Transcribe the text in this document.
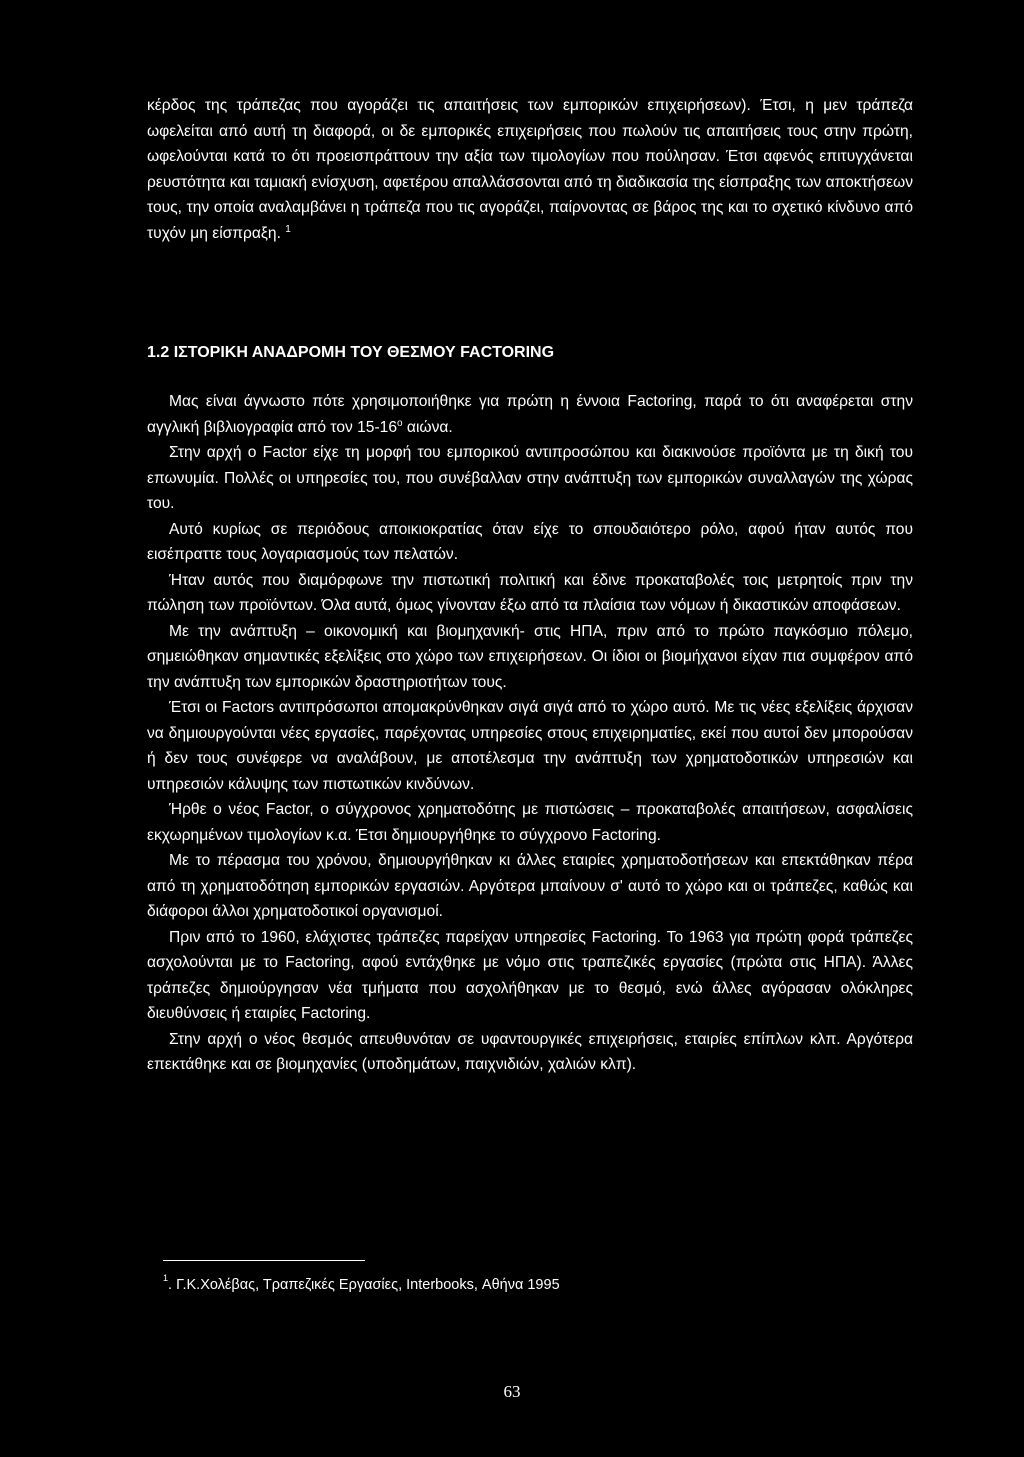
κέρδος της τράπεζας που αγοράζει τις απαιτήσεις των εμπορικών επιχειρήσεων). Έτσι, η μεν τράπεζα ωφελείται από αυτή τη διαφορά, οι δε εμπορικές επιχειρήσεις που πωλούν τις απαιτήσεις τους στην πρώτη, ωφελούνται κατά το ότι προεισπράττουν την αξία των τιμολογίων που πούλησαν. Έτσι αφενός επιτυγχάνεται ρευστότητα και ταμιακή ενίσχυση, αφετέρου απαλλάσσονται από τη διαδικασία της είσπραξης των αποκτήσεων τους, την οποία αναλαμβάνει η τράπεζα που τις αγοράζει, παίρνοντας σε βάρος της και το σχετικό κίνδυνο από τυχόν μη είσπραξη. $^1$

1.2 ΙΣΤΟΡΙΚΗ ΑΝΑΔΡΟΜΗ ΤΟΥ ΘΕΣΜΟΥ FACTORING

Μας είναι άγνωστο πότε χρησιμοποιήθηκε για πρώτη η έννοια Factoring, παρά το ότι αναφέρεται στην αγγλική βιβλιογραφία από τον $15-16^o$ αιώνα.

Στην αρχή ο Factor είχε τη μορφή του εμπορικού αντιπροσώπου και διακινούσε προϊόντα με τη δική του επωνυμία. Πολλές οι υπηρεσίες του, που συνέβαλλαν στην ανάπτυξη των εμπορικών συναλλαγών της χώρας του.

Αυτό κυρίως σε περιόδους αποικιοκρατίας όταν είχε το σπουδαιότερο ρόλο, αφού ήταν αυτός που εισέπραττε τους λογαριασμούς των πελατών.

Ήταν αυτός που διαμόρφωνε την πιστωτική πολιτική και έδινε προκαταβολές τοις μετρητοίς πριν την πώληση των προϊόντων. Όλα αυτά, όμως γίνονταν έξω από τα πλαίσια των νόμων ή δικαστικών αποφάσεων.

Με την ανάπτυξη – οικονομική και βιομηχανική- στις ΗΠΑ, πριν από το πρώτο παγκόσμιο πόλεμο, σημειώθηκαν σημαντικές εξελίξεις στο χώρο των επιχειρήσεων. Οι ίδιοι οι βιομήχανοι είχαν πια συμφέρον από την ανάπτυξη των εμπορικών δραστηριοτήτων τους.

Έτσι οι Factors αντιπρόσωποι απομακρύνθηκαν σιγά σιγά από το χώρο αυτό. Με τις νέες εξελίξεις άρχισαν να δημιουργούνται νέες εργασίες, παρέχοντας υπηρεσίες στους επιχειρηματίες, εκεί που αυτοί δεν μπορούσαν ή δεν τους συνέφερε να αναλάβουν, με αποτέλεσμα την ανάπτυξη των χρηματοδοτικών υπηρεσιών και υπηρεσιών κάλυψης των πιστωτικών κινδύνων.

Ήρθε ο νέος Factor, ο σύγχρονος χρηματοδότης με πιστώσεις – προκαταβολές απαιτήσεων, ασφαλίσεις εκχωρημένων τιμολογίων κ.α. Έτσι δημιουργήθηκε το σύγχρονο Factoring.

Με το πέρασμα του χρόνου, δημιουργήθηκαν κι άλλες εταιρίες χρηματοδοτήσεων και επεκτάθηκαν πέρα από τη χρηματοδότηση εμπορικών εργασιών. Αργότερα μπαίνουν σ' αυτό το χώρο και οι τράπεζες, καθώς και διάφοροι άλλοι χρηματοδοτικοί οργανισμοί.

Πριν από το 1960, ελάχιστες τράπεζες παρείχαν υπηρεσίες Factoring. Το 1963 για πρώτη φορά τράπεζες ασχολούνται με το Factoring, αφού εντάχθηκε με νόμο στις τραπεζικές εργασίες (πρώτα στις ΗΠΑ). Άλλες τράπεζες δημιούργησαν νέα τμήματα που ασχολήθηκαν με το θεσμό, ενώ άλλες αγόρασαν ολόκληρες διευθύνσεις ή εταιρίες Factoring.

Στην αρχή ο νέος θεσμός απευθυνόταν σε υφαντουργικές επιχειρήσεις, εταιρίες επίπλων κλπ. Αργότερα επεκτάθηκε και σε βιομηχανίες (υποδημάτων, παιχνιδιών, χαλιών κλπ).

$^1$. Γ.Κ.Χολέβας, Τραπεζικές Εργασίες, Interbooks, Αθήνα 1995

63
